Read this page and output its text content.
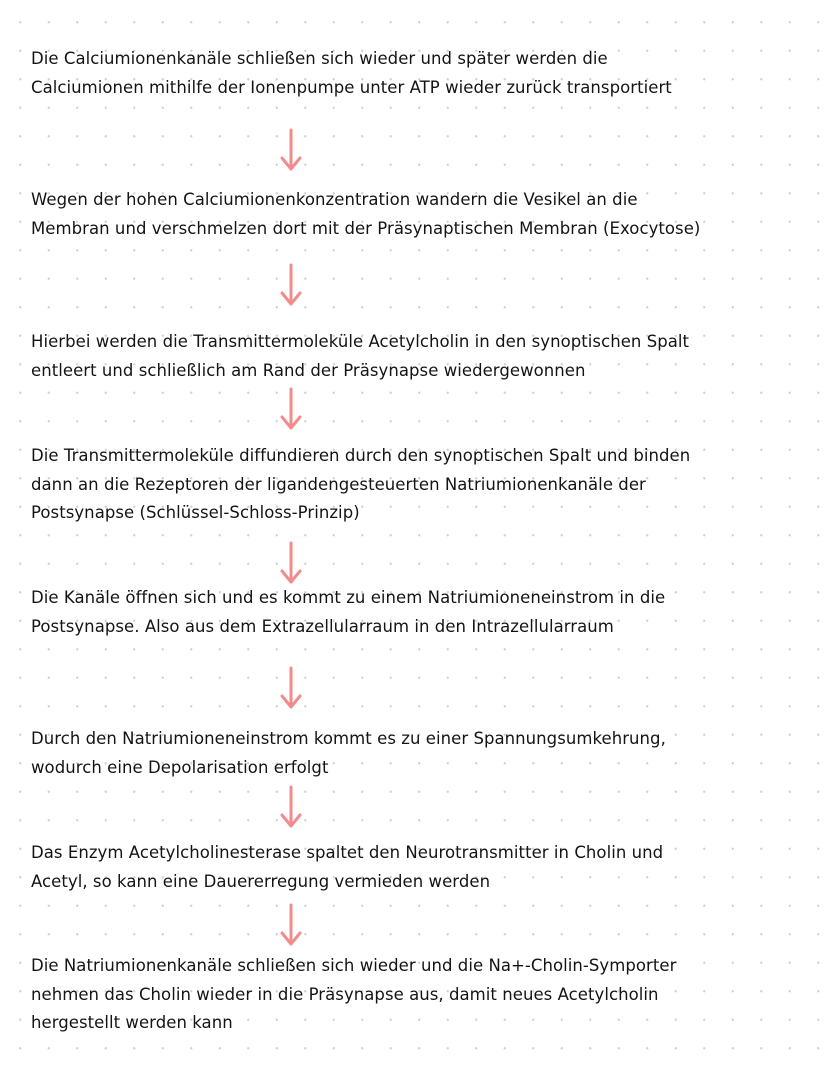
Die Calciumionenkanäle schließen sich wieder und später werden die Calciumionen mithilfe der Ionenpumpe unter ATP wieder zurück transportiert

Wegen der hohen Calciumionenkonzentration wandern die Vesikel an die Membran und verschmelzen dort mit der Präsynaptischen Membran (Exocytose)

Hierbei werden die Transmittermoleküle Acetylcholin in den synoptischen Spalt entleert und schließlich am Rand der Präsynapse wiedergewonnen

Die Transmittermoleküle diffundieren durch den synoptischen Spalt und binden dann an die Rezeptoren der ligandengesteuerten Natriumionenkanäle der Postsynapse (Schlüssel-Schloss-Prinzip)

Die Kanäle öffnen sich und es kommt zu einem Natriumioneneinstrom in die Postsynapse. Also aus dem Extrazellularraum in den Intrazellularraum

Durch den Natriumioneneinstrom kommt es zu einer Spannungsumkehrung, wodurch eine Depolarisation erfolgt

Das Enzym Acetylcholinesterase spaltet den Neurotransmitter in Cholin und Acetyl, so kann eine Dauererregung vermieden werden

Die Natriumionenkanäle schließen sich wieder und die Na+-Cholin-Symporter nehmen das Cholin wieder in die Präsynapse aus, damit neues Acetylcholin hergestellt werden kann
